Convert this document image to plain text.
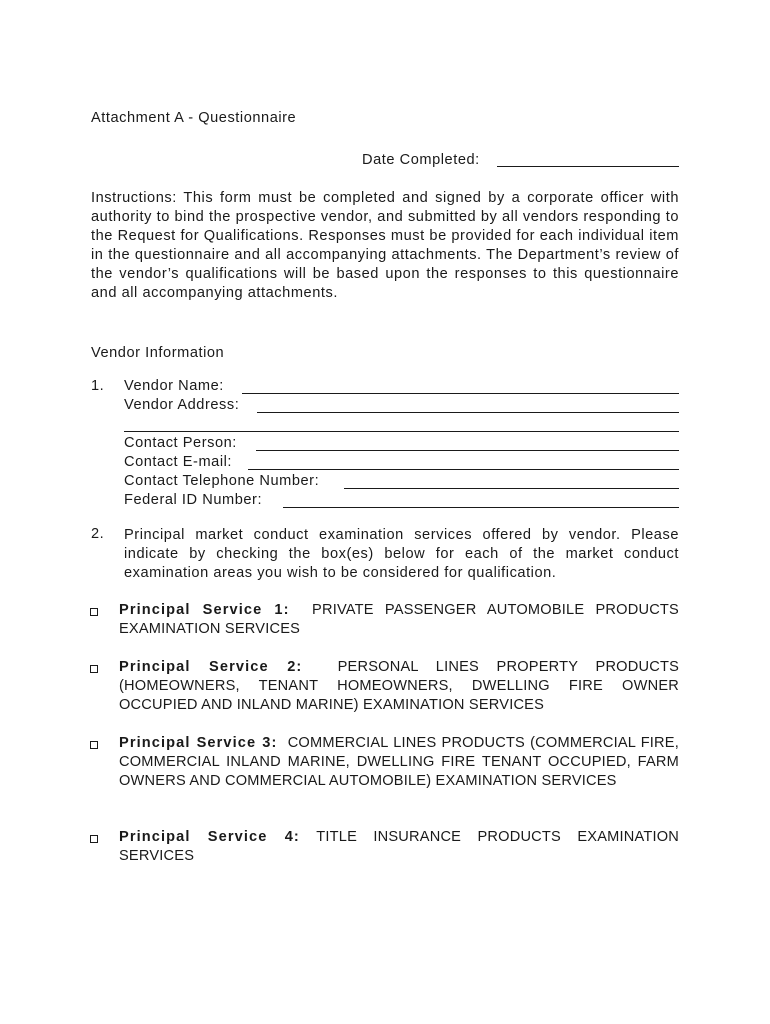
Attachment A - Questionnaire
Date Completed:
Instructions: This form must be completed and signed by a corporate officer with authority to bind the prospective vendor, and submitted by all vendors responding to the Request for Qualifications. Responses must be provided for each individual item in the questionnaire and all accompanying attachments. The Department’s review of the vendor’s qualifications will be based upon the responses to this questionnaire and all accompanying attachments.
Vendor Information
1. Vendor Name:
Vendor Address:
Contact Person:
Contact E-mail:
Contact Telephone Number:
Federal ID Number:
2. Principal market conduct examination services offered by vendor. Please indicate by checking the box(es) below for each of the market conduct examination areas you wish to be considered for qualification.
Principal Service 1: PRIVATE PASSENGER AUTOMOBILE PRODUCTS EXAMINATION SERVICES
Principal Service 2: PERSONAL LINES PROPERTY PRODUCTS (HOMEOWNERS, TENANT HOMEOWNERS, DWELLING FIRE OWNER OCCUPIED AND INLAND MARINE) EXAMINATION SERVICES
Principal Service 3: COMMERCIAL LINES PRODUCTS (COMMERCIAL FIRE, COMMERCIAL INLAND MARINE, DWELLING FIRE TENANT OCCUPIED, FARM OWNERS AND COMMERCIAL AUTOMOBILE) EXAMINATION SERVICES
Principal Service 4: TITLE INSURANCE PRODUCTS EXAMINATION SERVICES
